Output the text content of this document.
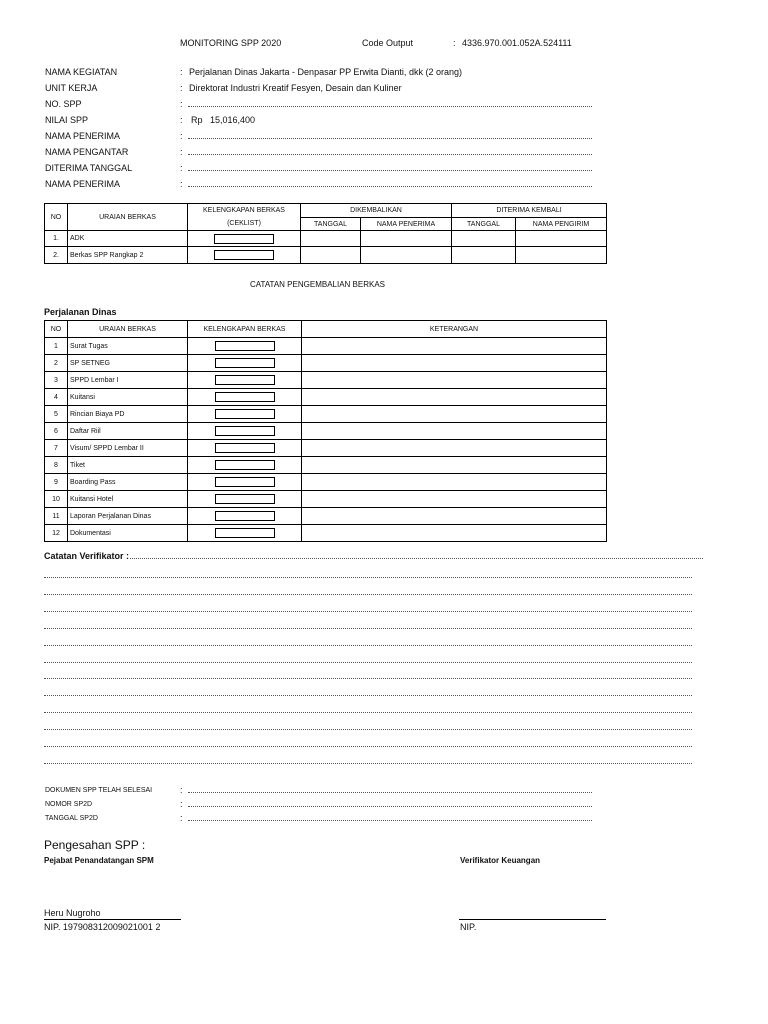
MONITORING SPP 2020	Code Output	: 4336.970.001.052A.524111
NAMA KEGIATAN	: Perjalanan Dinas Jakarta - Denpasar PP Erwita Dianti, dkk (2 orang)
UNIT KERJA	: Direktorat Industri Kreatif Fesyen, Desain dan Kuliner
NO. SPP	:
NILAI SPP	: Rp 15,016,400
NAMA PENERIMA	:
NAMA PENGANTAR	:
DITERIMA TANGGAL	:
NAMA PENERIMA	:
NO	URAIAN BERKAS	KELENGKAPAN BERKAS	DIKEMBALIKAN		DITERIMA KEMBALI	
		(CEKLIST)	TANGGAL	NAMA PENERIMA	TANGGAL	NAMA PENGIRIM
1.	ADK					
2.	Berkas SPP Rangkap 2					
CATATAN PENGEMBALIAN BERKAS
Perjalanan Dinas
NO	URAIAN BERKAS	KELENGKAPAN BERKAS	KETERANGAN
1	Surat Tugas		
2	SP SETNEG		
3	SPPD Lembar I		
4	Kuitansi		
5	Rincian Biaya PD		
6	Daftar Riil		
7	Visum/ SPPD Lembar II		
8	Tiket		
9	Boarding Pass		
10	Kuitansi Hotel		
11	Laporan Perjalanan Dinas		
12	Dokumentasi		
Catatan Verifikator :
DOKUMEN SPP TELAH SELESAI	:
NOMOR SP2D	:
TANGGAL SP2D	:
Pengesahan SPP :
Pejabat Penandatangan SPM	Verifikator Keuangan
Heru Nugroho
NIP. 197908312009021001 2	NIP.
